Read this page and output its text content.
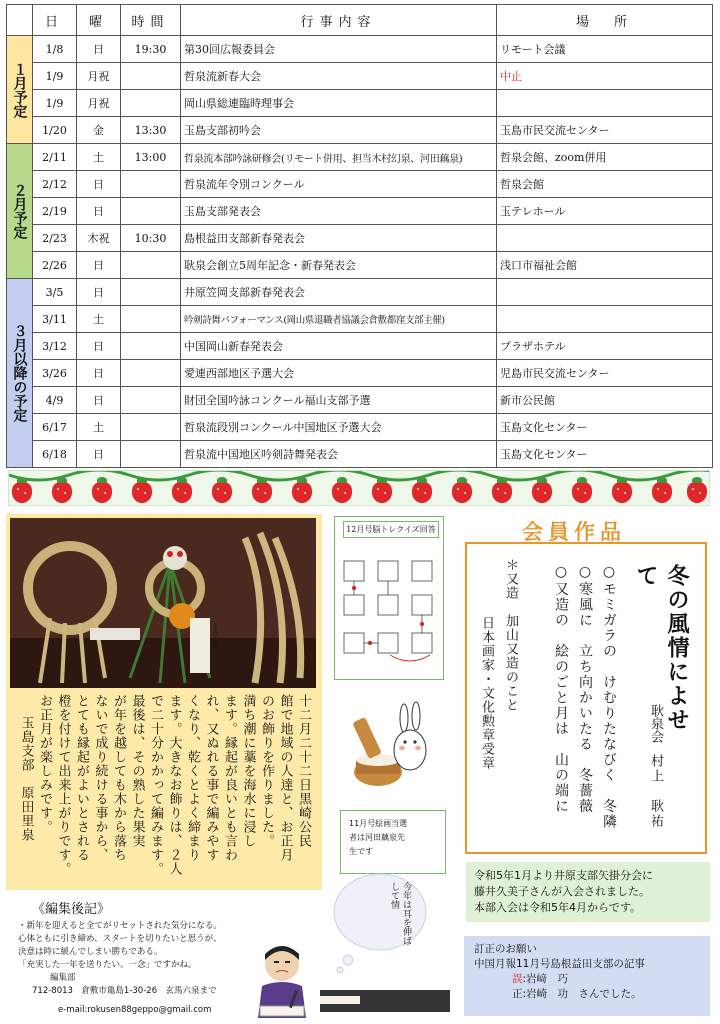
	日	曜	時間	行事内容	場　所
１月予定	1/8	日	19:30	第30回広報委員会	リモート会議
	1/9	月祝		哲泉流新春大会	中止
	1/9	月祝		岡山県総連臨時理事会	
	1/20	金	13:30	玉島支部初吟会	玉島市民交流センター
２月予定	2/11	土	13:00	哲泉流本部吟詠研修会(リモート併用、担当木村幻泉、河田藕泉)	哲泉会館、zoom併用
	2/12	日		哲泉流年令別コンクール	哲泉会館
	2/19	日		玉島支部発表会	玉テレホール
	2/23	木祝	10:30	島根益田支部新春発表会	
	2/26	日		耿泉会創立5周年記念・新春発表会	浅口市福祉会館
３月以降の予定	3/5	日		井原笠岡支部新春発表会	
	3/11	土		吟剣詩舞パフォーマンス(岡山県退職者協議会倉敷都窪支部主催)	
	3/12	日		中国岡山新春発表会	プラザホテル
	3/26	日		愛連西部地区予選大会	児島市民交流センター
	4/9	日		財団全国吟詠コンクール福山支部予選	新市公民館
	6/17	土		哲泉流段別コンクール中国地区予選大会	玉島文化センター
	6/18	日		哲泉流中国地区吟剣詩舞発表会	玉島文化センター
玉島支部
十二月二十二日黒崎公民
館で地域の人達と、お正月
のお飾りを作りました。
満ち潮に藁を海水に浸し
ます。縁起が良いとも言わ
れ、又ぬれる事で編みやす
くなり、乾くとよく締まり
ます。大きなお飾りは、２人
で二十分かかって編みます。
最後は、その熟した果実
が年を越しても木から落ち
ないで成り続ける事から、
とても縁起がよいとされる
橙を付けて出来上がりです。
お正月が楽しみです。
玉島支部　原田里泉
12月号脳トレクイズ回答
11月号絵画当選
者は河田藕泉先
生です
会員作品
冬の風情によせて
耿泉会
村上　耿祐
○モミガラの　けむりたなびく　冬隣
○寒風に　立ち向かいたる　冬薔薇
○又造の　絵のごと月は　山の端に
＊又造　加山又造のこと
日本画家・文化勲章受章
令和5年1月より井原支部矢掛分会に
藤井久美子さんが入会されました。
本部入会は令和5年4月からです。
訂正のお願い
中国月報11月号島根益田支部の記事
誤:岩﨑　巧
正:岩崎　功　さんでした。
《編集後記》
・新年を迎えると全てがリセットされた気分になる。
心体ともに引き締め、スタートを切りたいと思うが、
決意は時に緩んでしまい勝ちである。
「充実した一年を送りたい、一念」ですかね。
編集部
712-8013　倉敷市亀島1-30-26　玄馬六泉まで
e-mail:rokusen88geppo@gmail.com
今年は耳を伸ばして情
